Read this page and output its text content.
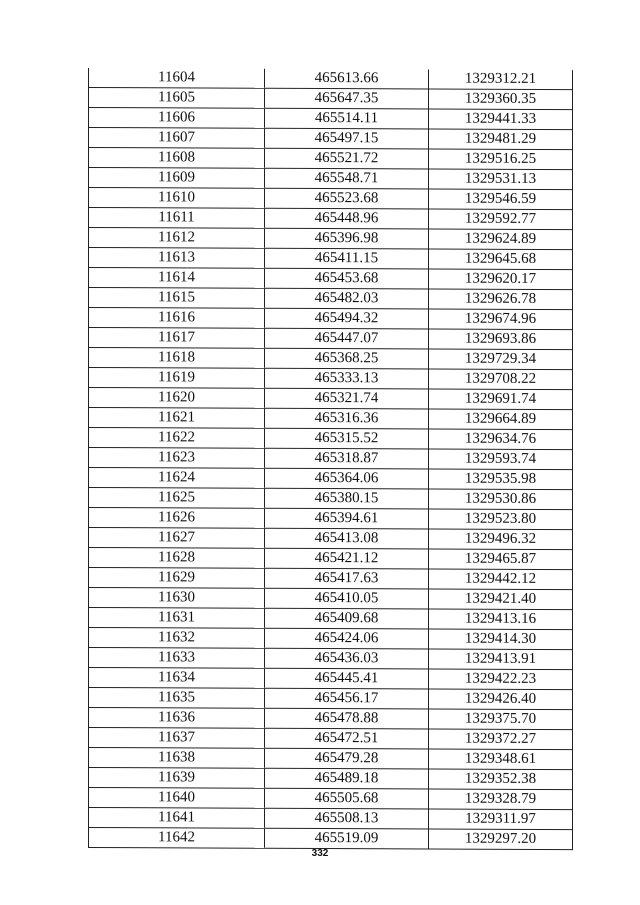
11604	465613.66	1329312.21
11605	465647.35	1329360.35
11606	465514.11	1329441.33
11607	465497.15	1329481.29
11608	465521.72	1329516.25
11609	465548.71	1329531.13
11610	465523.68	1329546.59
11611	465448.96	1329592.77
11612	465396.98	1329624.89
11613	465411.15	1329645.68
11614	465453.68	1329620.17
11615	465482.03	1329626.78
11616	465494.32	1329674.96
11617	465447.07	1329693.86
11618	465368.25	1329729.34
11619	465333.13	1329708.22
11620	465321.74	1329691.74
11621	465316.36	1329664.89
11622	465315.52	1329634.76
11623	465318.87	1329593.74
11624	465364.06	1329535.98
11625	465380.15	1329530.86
11626	465394.61	1329523.80
11627	465413.08	1329496.32
11628	465421.12	1329465.87
11629	465417.63	1329442.12
11630	465410.05	1329421.40
11631	465409.68	1329413.16
11632	465424.06	1329414.30
11633	465436.03	1329413.91
11634	465445.41	1329422.23
11635	465456.17	1329426.40
11636	465478.88	1329375.70
11637	465472.51	1329372.27
11638	465479.28	1329348.61
11639	465489.18	1329352.38
11640	465505.68	1329328.79
11641	465508.13	1329311.97
11642	465519.09	1329297.20
332
